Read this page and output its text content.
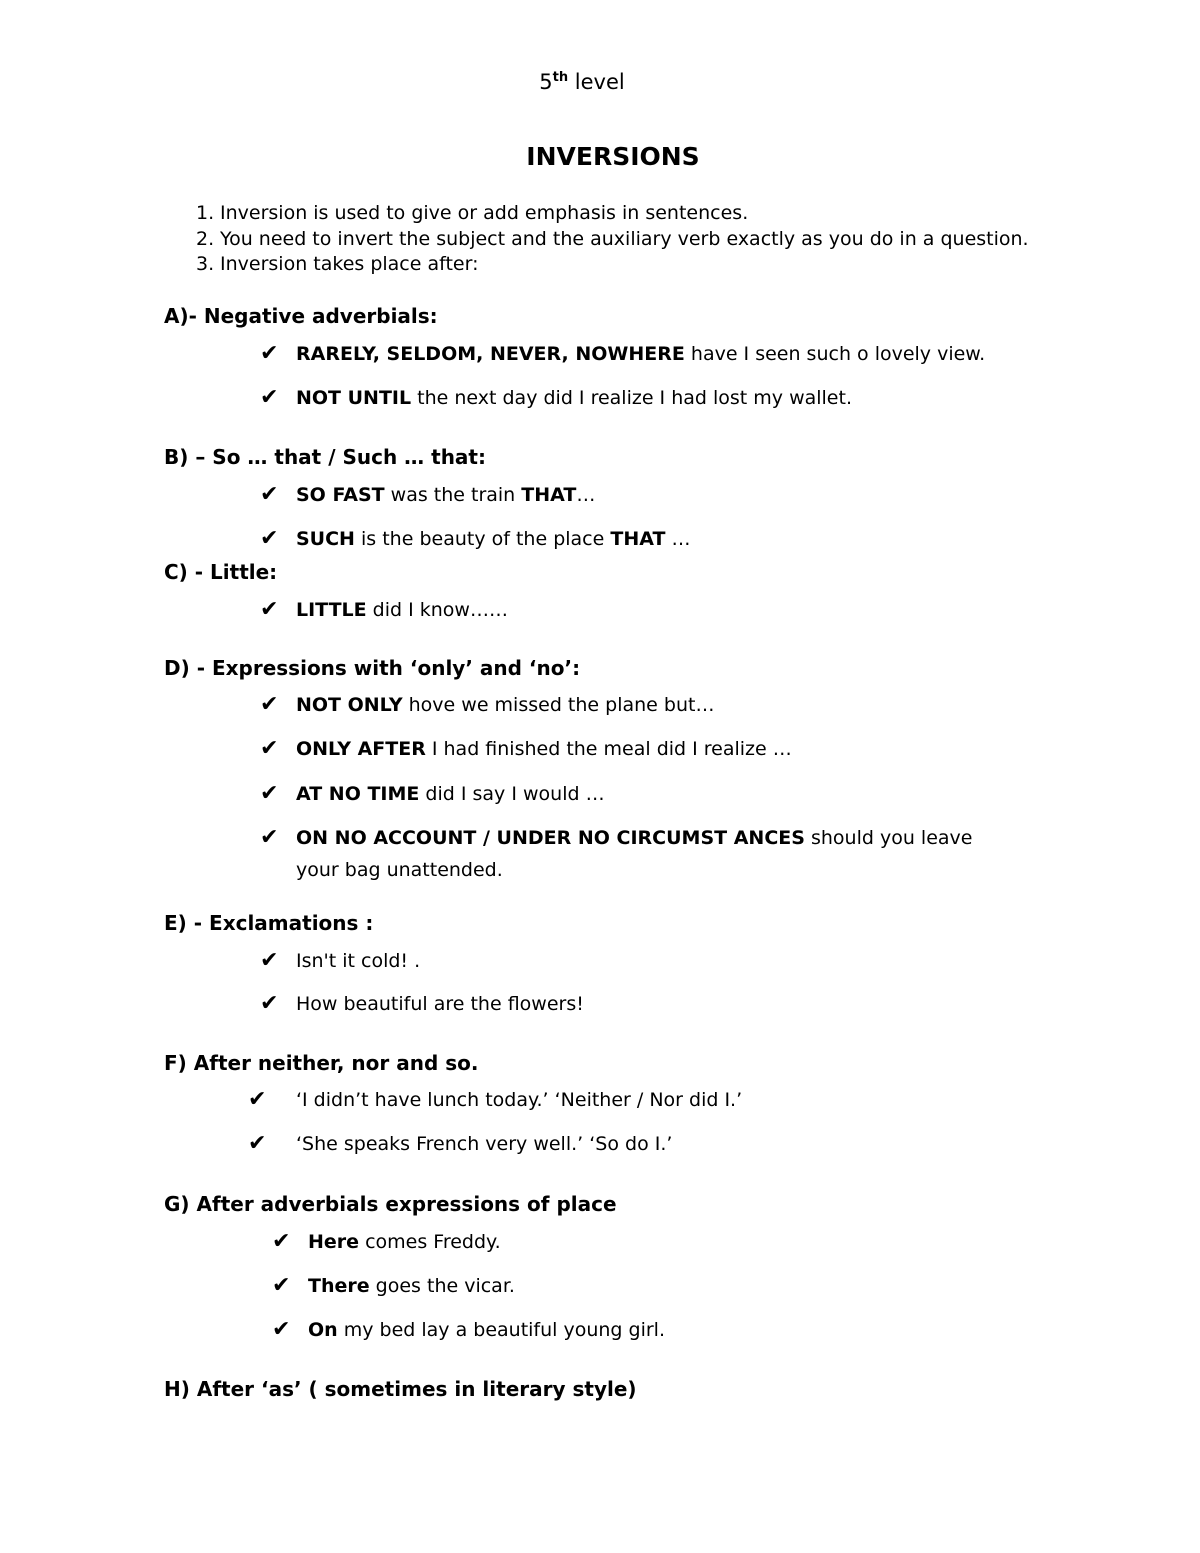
5th level
INVERSIONS
1. Inversion is used to give or add emphasis in sentences.
2. You need to invert the subject and the auxiliary verb exactly as you do in a question.
3. Inversion takes place after:
A)- Negative adverbials:
✔ RARELY, SELDOM, NEVER, NOWHERE have I seen such o lovely view.
✔ NOT UNTIL the next day did I realize I had lost my wallet.
B) – So … that / Such … that:
✔ SO FAST was the train THAT…
✔ SUCH is the beauty of the place THAT …
C) - Little:
✔ LITTLE did I know……
D) - Expressions with ‘only’ and ‘no’:
✔ NOT ONLY hove we missed the plane but…
✔ ONLY AFTER I had finished the meal did I realize …
✔ AT NO TIME did I say I would …
✔ ON NO ACCOUNT / UNDER NO CIRCUMST ANCES should you leave
your bag unattended.
E) - Exclamations :
✔ Isn't it cold! .
✔ How beautiful are the flowers!
F) After neither, nor and so.
✔ ‘I didn’t have lunch today.’ ‘Neither / Nor did I.’
✔ ‘She speaks French very well.’ ‘So do I.’
G) After adverbials expressions of place
✔ Here comes Freddy.
✔ There goes the vicar.
✔ On my bed lay a beautiful young girl.
H) After ‘as’ ( sometimes in literary style)
